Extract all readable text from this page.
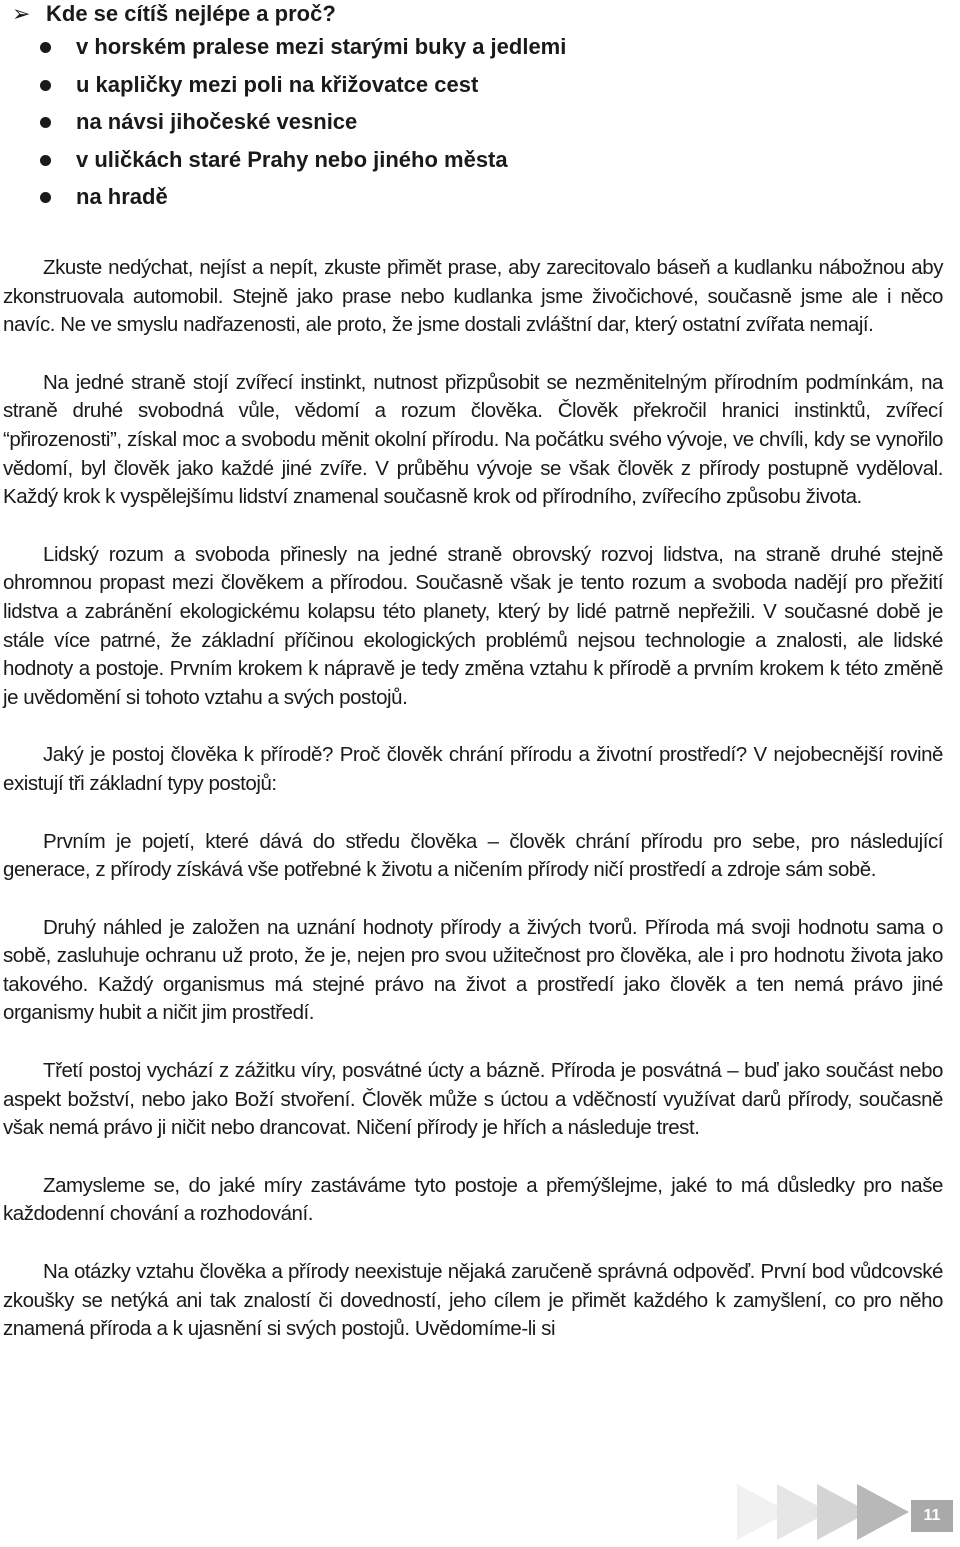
➢ Kde se cítíš nejlépe a proč?
v horském pralese mezi starými buky a jedlemi
u kapličky mezi poli na křižovatce cest
na návsi jihočeské vesnice
v uličkách staré Prahy nebo jiného města
na hradě

Zkuste nedýchat, nejíst a nepít, zkuste přimět prase, aby zarecitovalo báseň a kudlanku nábožnou aby zkonstruovala automobil. Stejně jako prase nebo kudlanka jsme živočichové, současně jsme ale i něco navíc. Ne ve smyslu nadřazenosti, ale proto, že jsme dostali zvláštní dar, který ostatní zvířata nemají.

Na jedné straně stojí zvířecí instinkt, nutnost přizpůsobit se nezměnitelným přírodním podmínkám, na straně druhé svobodná vůle, vědomí a rozum člověka. Člověk překročil hranici instinktů, zvířecí “přirozenosti”, získal moc a svobodu měnit okolní přírodu. Na počátku svého vývoje, ve chvíli, kdy se vynořilo vědomí, byl člověk jako každé jiné zvíře. V průběhu vývoje se však člověk z přírody postupně vyděloval. Každý krok k vyspělejšímu lidství znamenal současně krok od přírodního, zvířecího způsobu života.

Lidský rozum a svoboda přinesly na jedné straně obrovský rozvoj lidstva, na straně druhé stejně ohromnou propast mezi člověkem a přírodou. Současně však je tento rozum a svoboda nadějí pro přežití lidstva a zabránění ekologickému kolapsu této planety, který by lidé patrně nepřežili. V současné době je stále více patrné, že základní příčinou ekologických problémů nejsou technologie a znalosti, ale lidské hodnoty a postoje. Prvním krokem k nápravě je tedy změna vztahu k přírodě a prvním krokem k této změně je uvědomění si tohoto vztahu a svých postojů.

Jaký je postoj člověka k přírodě? Proč člověk chrání přírodu a životní prostředí? V nejobecnější rovině existují tři základní typy postojů:

Prvním je pojetí, které dává do středu člověka – člověk chrání přírodu pro sebe, pro následující generace, z přírody získává vše potřebné k životu a ničením přírody ničí prostředí a zdroje sám sobě.

Druhý náhled je založen na uznání hodnoty přírody a živých tvorů. Příroda má svoji hodnotu sama o sobě, zasluhuje ochranu už proto, že je, nejen pro svou užitečnost pro člověka, ale i pro hodnotu života jako takového. Každý organismus má stejné právo na život a prostředí jako člověk a ten nemá právo jiné organismy hubit a ničit jim prostředí.

Třetí postoj vychází z zážitku víry, posvátné úcty a bázně. Příroda je posvátná – buď jako součást nebo aspekt božství, nebo jako Boží stvoření. Člověk může s úctou a vděčností využívat darů přírody, současně však nemá právo ji ničit nebo drancovat. Ničení přírody je hřích a následuje trest.

Zamysleme se, do jaké míry zastáváme tyto postoje a přemýšlejme, jaké to má důsledky pro naše každodenní chování a rozhodování.

Na otázky vztahu člověka a přírody neexistuje nějaká zaručeně správná odpověď. První bod vůdcovské zkoušky se netýká ani tak znalostí či dovedností, jeho cílem je přimět každého k zamyšlení, co pro něho znamená příroda a k ujasnění si svých postojů. Uvědomíme-li si

11
